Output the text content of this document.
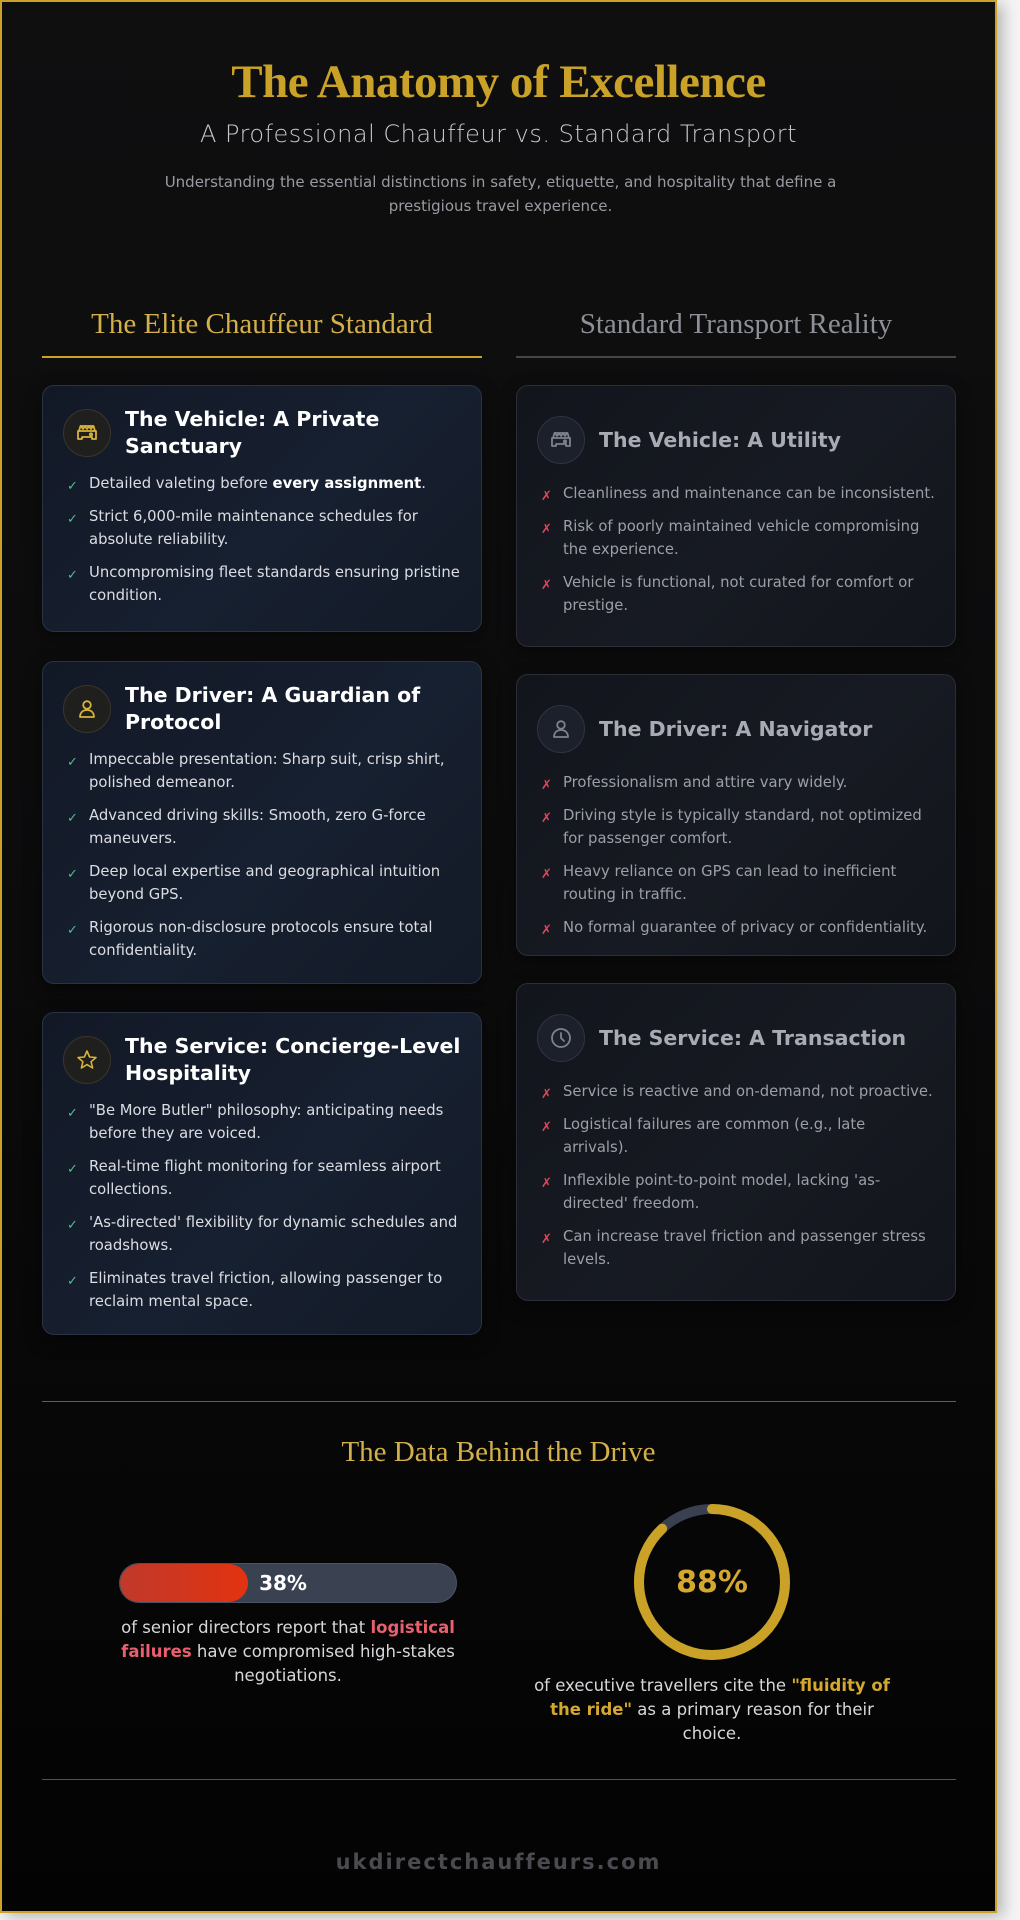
The Anatomy of Excellence
A Professional Chauffeur vs. Standard Transport

Understanding the essential distinctions in safety, etiquette, and hospitality that define a prestigious travel experience.

The Elite Chauffeur Standard	Standard Transport Reality
The Vehicle: A Private Sanctuary
✓ Detailed valeting before every assignment.
✓ Strict 6,000-mile maintenance schedules for absolute reliability.
✓ Uncompromising fleet standards ensuring pristine condition.
The Driver: A Guardian of Protocol
✓ Impeccable presentation: Sharp suit, crisp shirt, polished demeanor.
✓ Advanced driving skills: Smooth, zero G-force maneuvers.
✓ Deep local expertise and geographical intuition beyond GPS.
✓ Rigorous non-disclosure protocols ensure total confidentiality.
The Service: Concierge-Level Hospitality
✓ "Be More Butler" philosophy: anticipating needs before they are voiced.
✓ Real-time flight monitoring for seamless airport collections.
✓ 'As-directed' flexibility for dynamic schedules and roadshows.
✓ Eliminates travel friction, allowing passenger to reclaim mental space.
The Vehicle: A Utility
✗ Cleanliness and maintenance can be inconsistent.
✗ Risk of poorly maintained vehicle compromising the experience.
✗ Vehicle is functional, not curated for comfort or prestige.
The Driver: A Navigator
✗ Professionalism and attire vary widely.
✗ Driving style is typically standard, not optimized for passenger comfort.
✗ Heavy reliance on GPS can lead to inefficient routing in traffic.
✗ No formal guarantee of privacy or confidentiality.
The Service: A Transaction
✗ Service is reactive and on-demand, not proactive.
✗ Logistical failures are common (e.g., late arrivals).
✗ Inflexible point-to-point model, lacking 'as-directed' freedom.
✗ Can increase travel friction and passenger stress levels.
The Data Behind the Drive
38%

of senior directors report that logistical failures have compromised high-stakes negotiations.

88%

of executive travellers cite the "fluidity of the ride" as a primary reason for their choice.

ukdirectchauffeurs.com
